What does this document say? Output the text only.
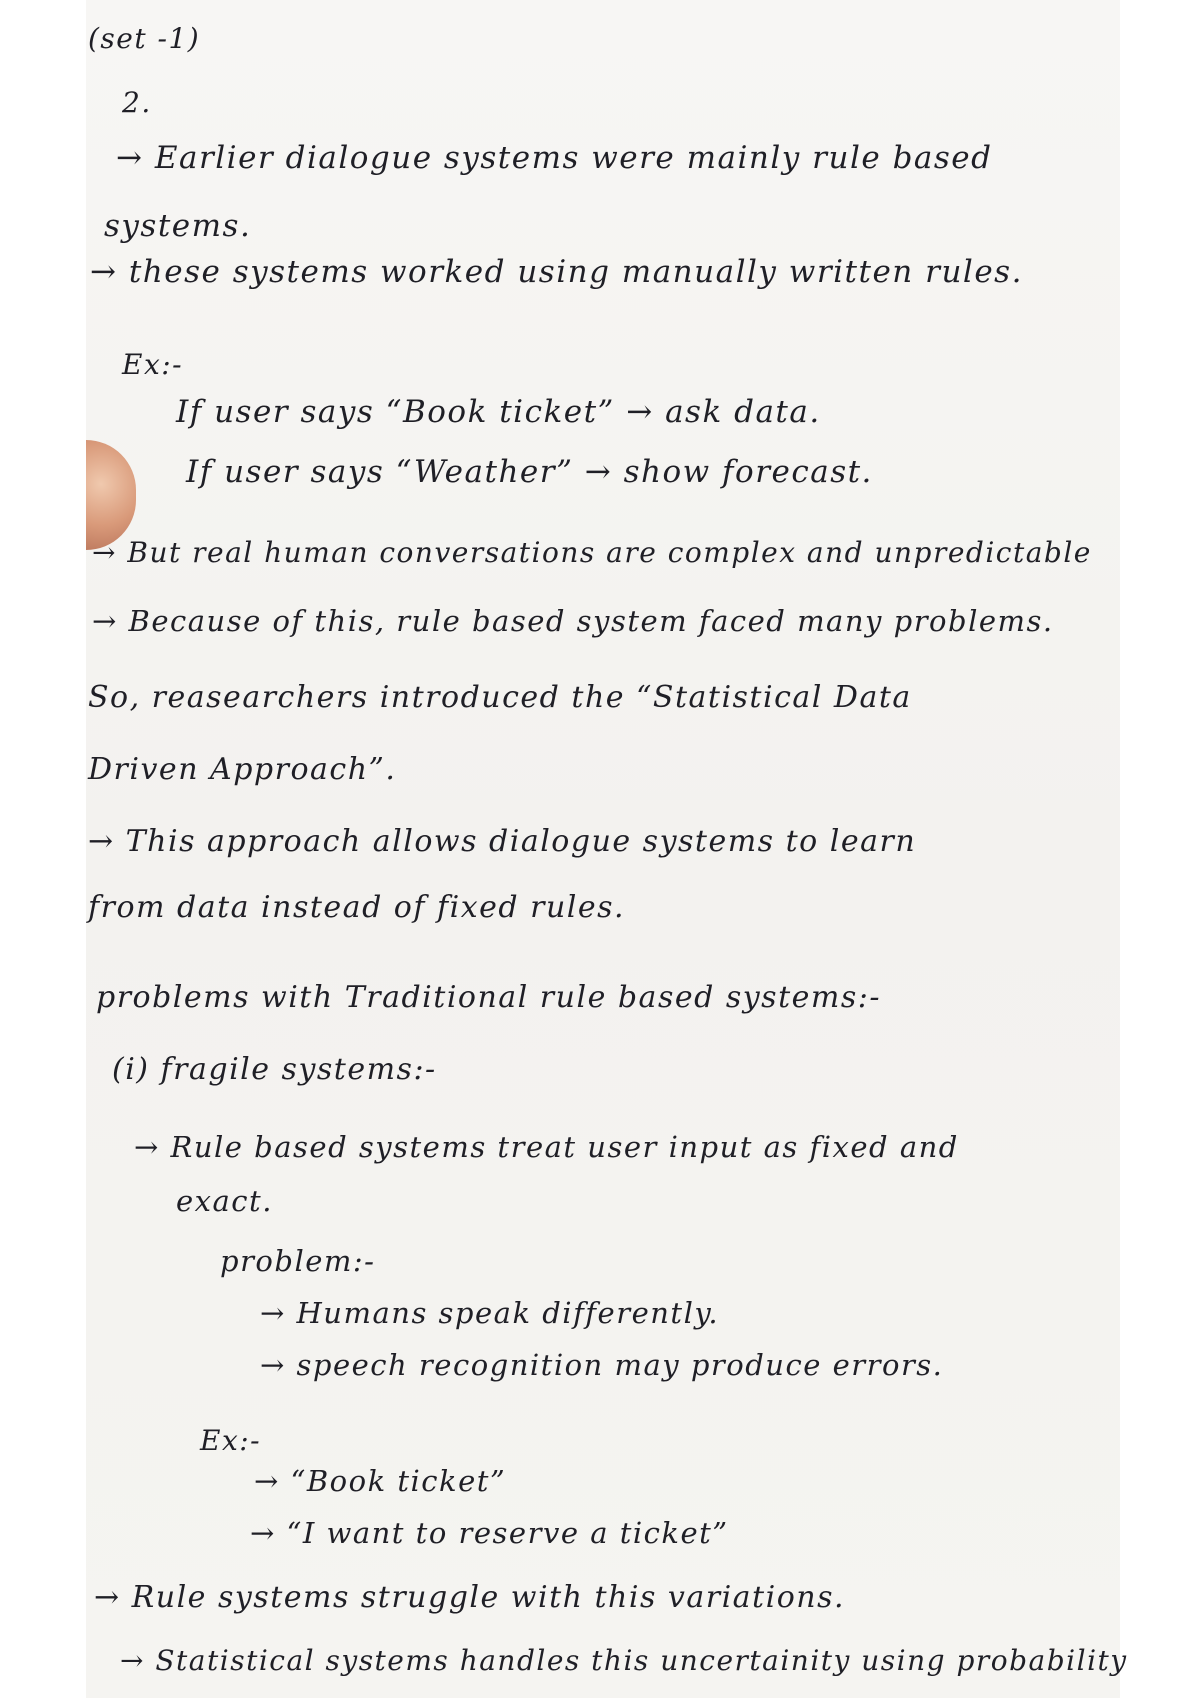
(set -1)
2.
→ Earlier dialogue systems were mainly rule based
systems.
→ these systems worked using manually written rules.
Ex:-
If user says “Book ticket” → ask data.
If user says “Weather” → show forecast.
→ But real human conversations are complex and unpredictable
→ Because of this, rule based system faced many problems.
So, reasearchers introduced the “Statistical Data
Driven Approach”.
→ This approach allows dialogue systems to learn
from data instead of fixed rules.
problems with Traditional rule based systems:-
(i) fragile systems:-
→ Rule based systems treat user input as fixed and
exact.
problem:-
→ Humans speak differently.
→ speech recognition may produce errors.
Ex:-
→ “Book ticket”
→ “I want to reserve a ticket”
→ Rule systems struggle with this variations.
→ Statistical systems handles this uncertainity using probability
